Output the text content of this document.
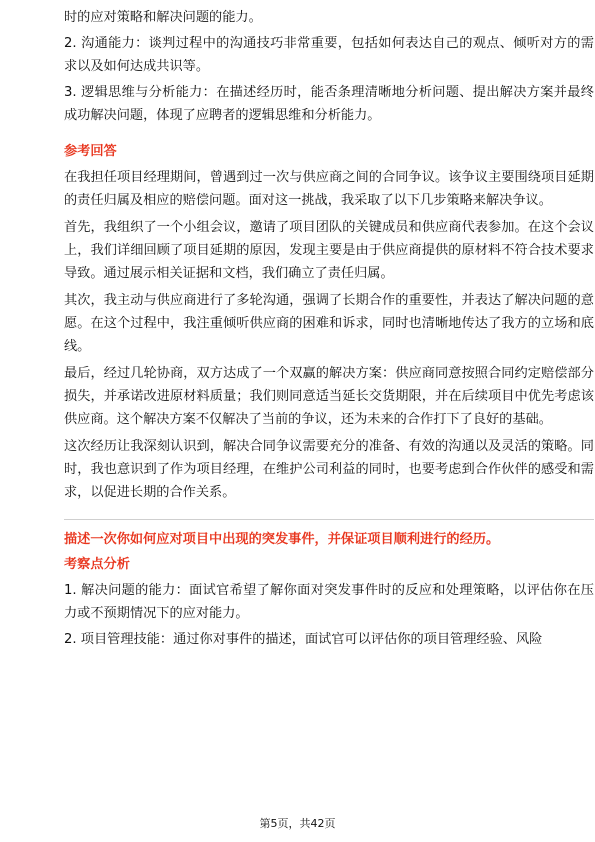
时的应对策略和解决问题的能力。

2. 沟通能力：谈判过程中的沟通技巧非常重要，包括如何表达自己的观点、倾听对方的需求以及如何达成共识等。

3. 逻辑思维与分析能力：在描述经历时，能否条理清晰地分析问题、提出解决方案并最终成功解决问题，体现了应聘者的逻辑思维和分析能力。

参考回答

在我担任项目经理期间，曾遇到过一次与供应商之间的合同争议。该争议主要围绕项目延期的责任归属及相应的赔偿问题。面对这一挑战，我采取了以下几步策略来解决争议。

首先，我组织了一个小组会议，邀请了项目团队的关键成员和供应商代表参加。在这个会议上，我们详细回顾了项目延期的原因，发现主要是由于供应商提供的原材料不符合技术要求导致。通过展示相关证据和文档，我们确立了责任归属。

其次，我主动与供应商进行了多轮沟通，强调了长期合作的重要性，并表达了解决问题的意愿。在这个过程中，我注重倾听供应商的困难和诉求，同时也清晰地传达了我方的立场和底线。

最后，经过几轮协商，双方达成了一个双赢的解决方案：供应商同意按照合同约定赔偿部分损失，并承诺改进原材料质量；我们则同意适当延长交货期限，并在后续项目中优先考虑该供应商。这个解决方案不仅解决了当前的争议，还为未来的合作打下了良好的基础。

这次经历让我深刻认识到，解决合同争议需要充分的准备、有效的沟通以及灵活的策略。同时，我也意识到了作为项目经理，在维护公司利益的同时，也要考虑到合作伙伴的感受和需求，以促进长期的合作关系。

描述一次你如何应对项目中出现的突发事件，并保证项目顺利进行的经历。
考察点分析

1. 解决问题的能力：面试官希望了解你面对突发事件时的反应和处理策略，以评估你在压力或不预期情况下的应对能力。

2. 项目管理技能：通过你对事件的描述，面试官可以评估你的项目管理经验、风险

第5页，共42页
